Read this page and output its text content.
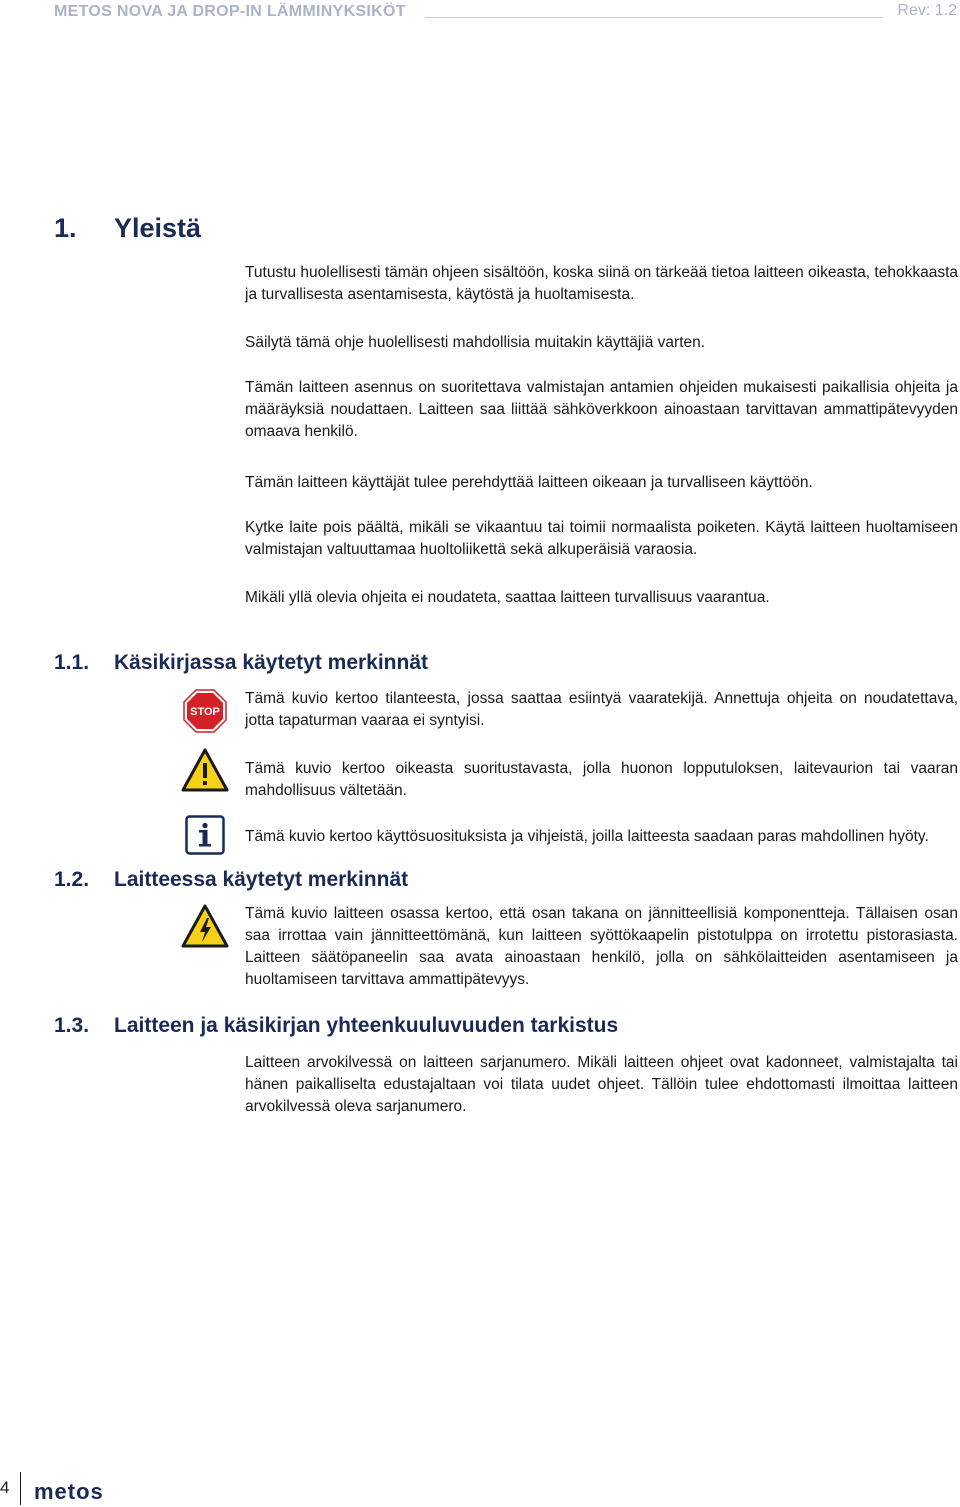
METOS NOVA JA DROP-IN LÄMMINYKSIKÖT	Rev: 1.2
1. Yleistä
Tutustu huolellisesti tämän ohjeen sisältöön, koska siinä on tärkeää tietoa laitteen oikeasta, tehokkaasta ja turvallisesta asentamisesta, käytöstä ja huoltamisesta.
Säilytä tämä ohje huolellisesti mahdollisia muitakin käyttäjiä varten.
Tämän laitteen asennus on suoritettava valmistajan antamien ohjeiden mukaisesti paikallisia ohjeita ja määräyksiä noudattaen. Laitteen saa liittää sähköverkkoon ainoastaan tarvittavan ammattipätevyyden omaava henkilö.
Tämän laitteen käyttäjät tulee perehdyttää laitteen oikeaan ja turvalliseen käyttöön.
Kytke laite pois päältä, mikäli se vikaantuu tai toimii normaalista poiketen. Käytä laitteen huoltamiseen valmistajan valtuuttamaa huoltoliikettä sekä alkuperäisiä varaosia.
Mikäli yllä olevia ohjeita ei noudateta, saattaa laitteen turvallisuus vaarantua.
1.1. Käsikirjassa käytetyt merkinnät
STOP
Tämä kuvio kertoo tilanteesta, jossa saattaa esiintyä vaaratekijä. Annettuja ohjeita on noudatettava, jotta tapaturman vaaraa ei syntyisi.
Tämä kuvio kertoo oikeasta suoritustavasta, jolla huonon lopputuloksen, laitevaurion tai vaaran mahdollisuus vältetään.
Tämä kuvio kertoo käyttösuosituksista ja vihjeistä, joilla laitteesta saadaan paras mahdollinen hyöty.
1.2. Laitteessa käytetyt merkinnät
Tämä kuvio laitteen osassa kertoo, että osan takana on jännitteellisiä komponentteja. Tällaisen osan saa irrottaa vain jännitteettömänä, kun laitteen syöttökaapelin pistotulppa on irrotettu pistorasiasta. Laitteen säätöpaneelin saa avata ainoastaan henkilö, jolla on sähkölaitteiden asentamiseen ja huoltamiseen tarvittava ammattipätevyys.
1.3. Laitteen ja käsikirjan yhteenkuuluvuuden tarkistus
Laitteen arvokilvessä on laitteen sarjanumero. Mikäli laitteen ohjeet ovat kadonneet, valmistajalta tai hänen paikalliselta edustajaltaan voi tilata uudet ohjeet. Tällöin tulee ehdottomasti ilmoittaa laitteen arvokilvessä oleva sarjanumero.
4 metos
